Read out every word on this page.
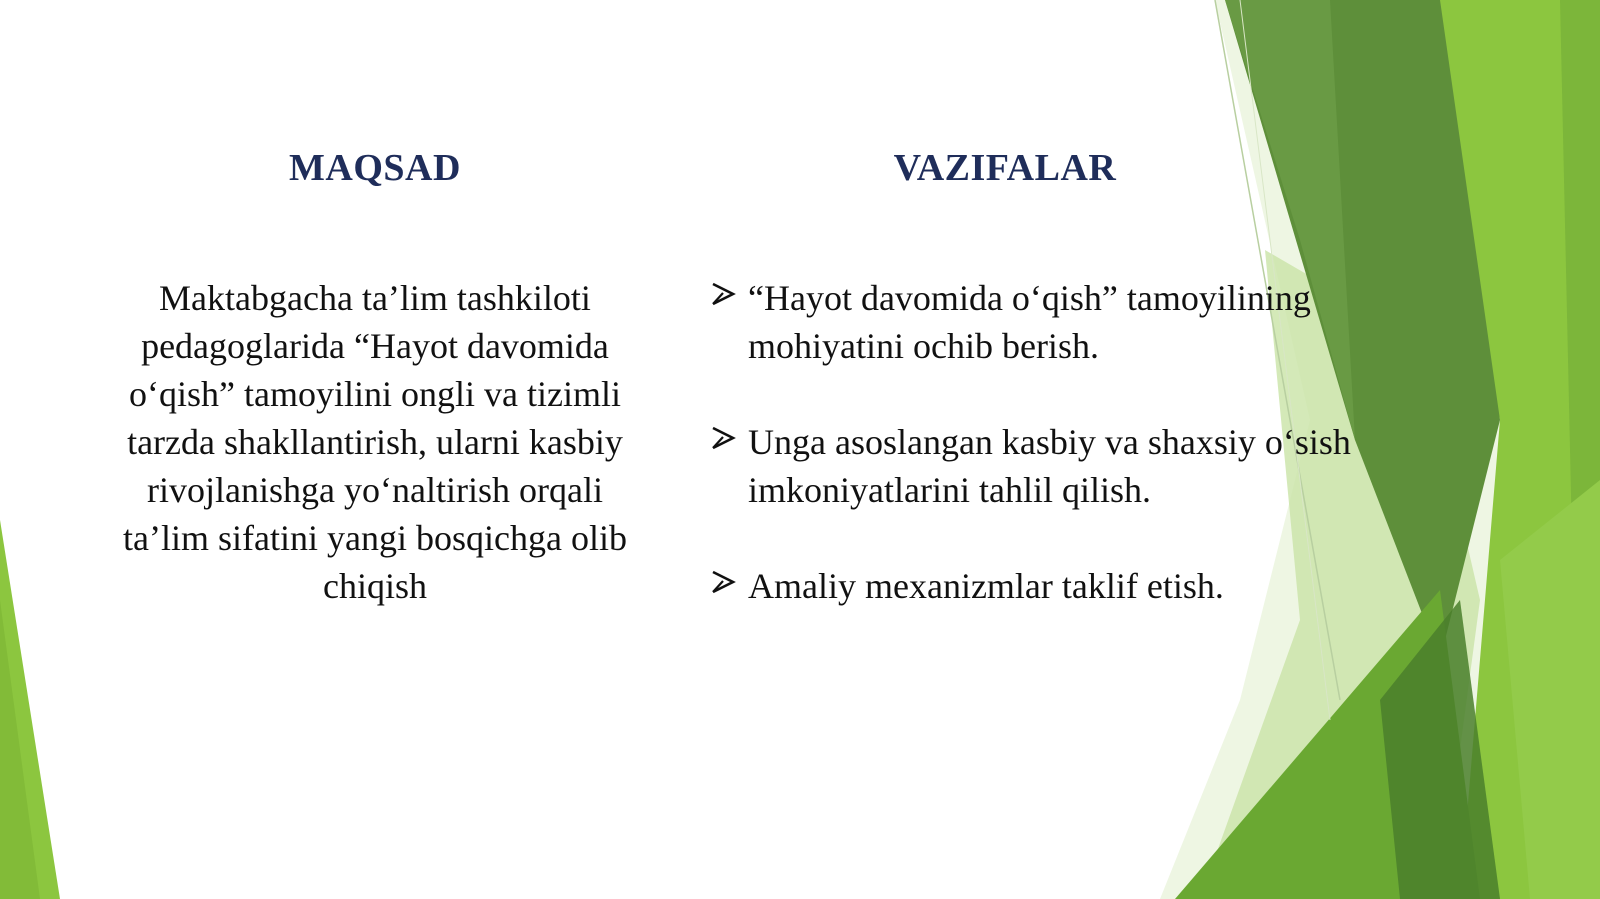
MAQSAD	VAZIFALAR

Maktabgacha ta’lim tashkiloti pedagoglarida “Hayot davomida o‘qish” tamoyilini ongli va tizimli tarzda shakllantirish, ularni kasbiy rivojlanishga yo‘naltirish orqali ta’lim sifatini yangi bosqichga olib chiqish

“Hayot davomida o‘qish” tamoyilining mohiyatini ochib berish.
Unga asoslangan kasbiy va shaxsiy o‘sish imkoniyatlarini tahlil qilish.
Amaliy mexanizmlar taklif etish.
